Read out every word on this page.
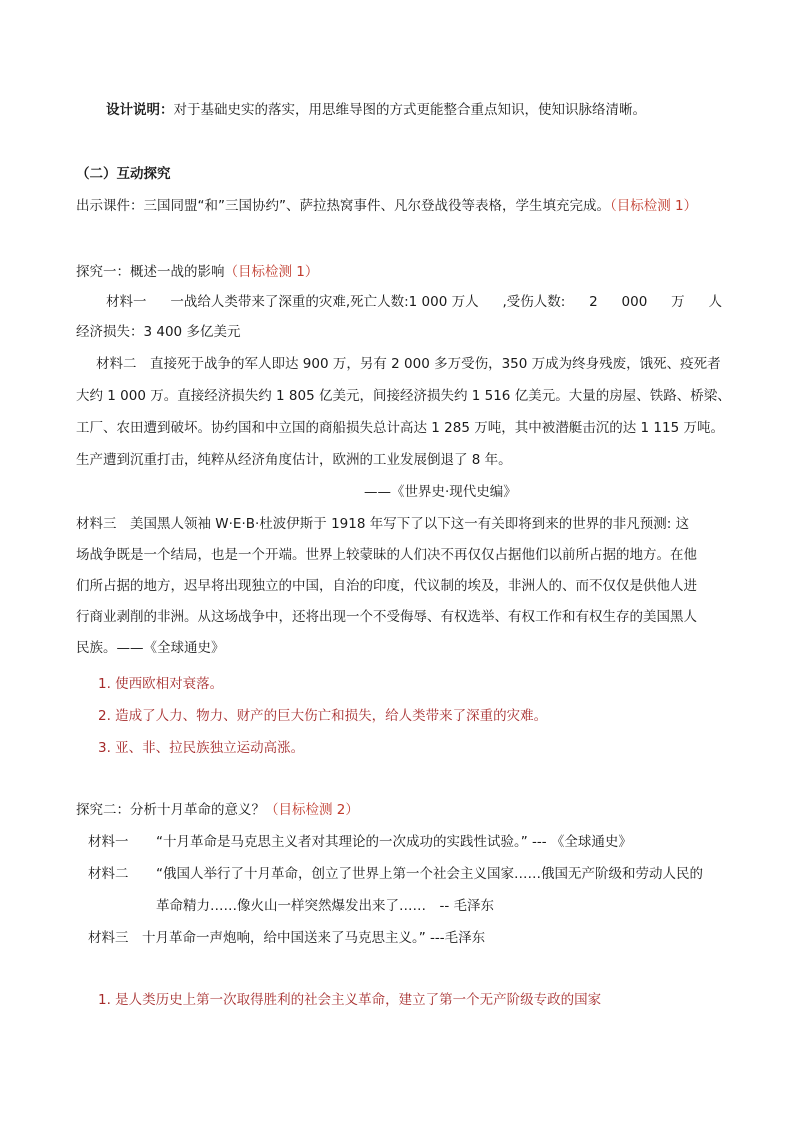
设计说明：对于基础史实的落实，用思维导图的方式更能整合重点知识，使知识脉络清晰。
（二）互动探究
出示课件：三国同盟“和”三国协约”、萨拉热窝事件、凡尔登战役等表格，学生填充完成。（目标检测 1）
探究一：概述一战的影响（目标检测 1）
材料一 一战给人类带来了深重的灾难,死亡人数:1 000 万人 ,受伤人数: 2 000 万 人
经济损失：3 400 多亿美元
材料二　直接死于战争的军人即达 900 万，另有 2 000 多万受伤，350 万成为终身残废，饿死、疫死者
大约 1 000 万。直接经济损失约 1 805 亿美元，间接经济损失约 1 516 亿美元。大量的房屋、铁路、桥梁、
工厂、农田遭到破坏。协约国和中立国的商船损失总计高达 1 285 万吨，其中被潜艇击沉的达 1 115 万吨。
生产遭到沉重打击，纯粹从经济角度估计，欧洲的工业发展倒退了 8 年。
——《世界史·现代史编》
材料三　美国黑人领袖 W·E·B·杜波伊斯于 1918 年写下了以下这一有关即将到来的世界的非凡预测: 这
场战争既是一个结局，也是一个开端。世界上较蒙昧的人们决不再仅仅占据他们以前所占据的地方。在他
们所占据的地方，迟早将出现独立的中国，自治的印度，代议制的埃及，非洲人的、而不仅仅是供他人进
行商业剥削的非洲。从这场战争中，还将出现一个不受侮辱、有权选举、有权工作和有权生存的美国黑人
民族。——《全球通史》
1. 使西欧相对衰落。
2. 造成了人力、物力、财产的巨大伤亡和损失，给人类带来了深重的灾难。
3. 亚、非、拉民族独立运动高涨。
探究二：分析十月革命的意义？（目标检测 2）
材料一 “十月革命是马克思主义者对其理论的一次成功的实践性试验。” --- 《全球通史》
材料二 “俄国人举行了十月革命，创立了世界上第一个社会主义国家……俄国无产阶级和劳动人民的
革命精力……像火山一样突然爆发出来了……　-- 毛泽东
材料三　十月革命一声炮响，给中国送来了马克思主义。” ---毛泽东
1. 是人类历史上第一次取得胜利的社会主义革命，建立了第一个无产阶级专政的国家
